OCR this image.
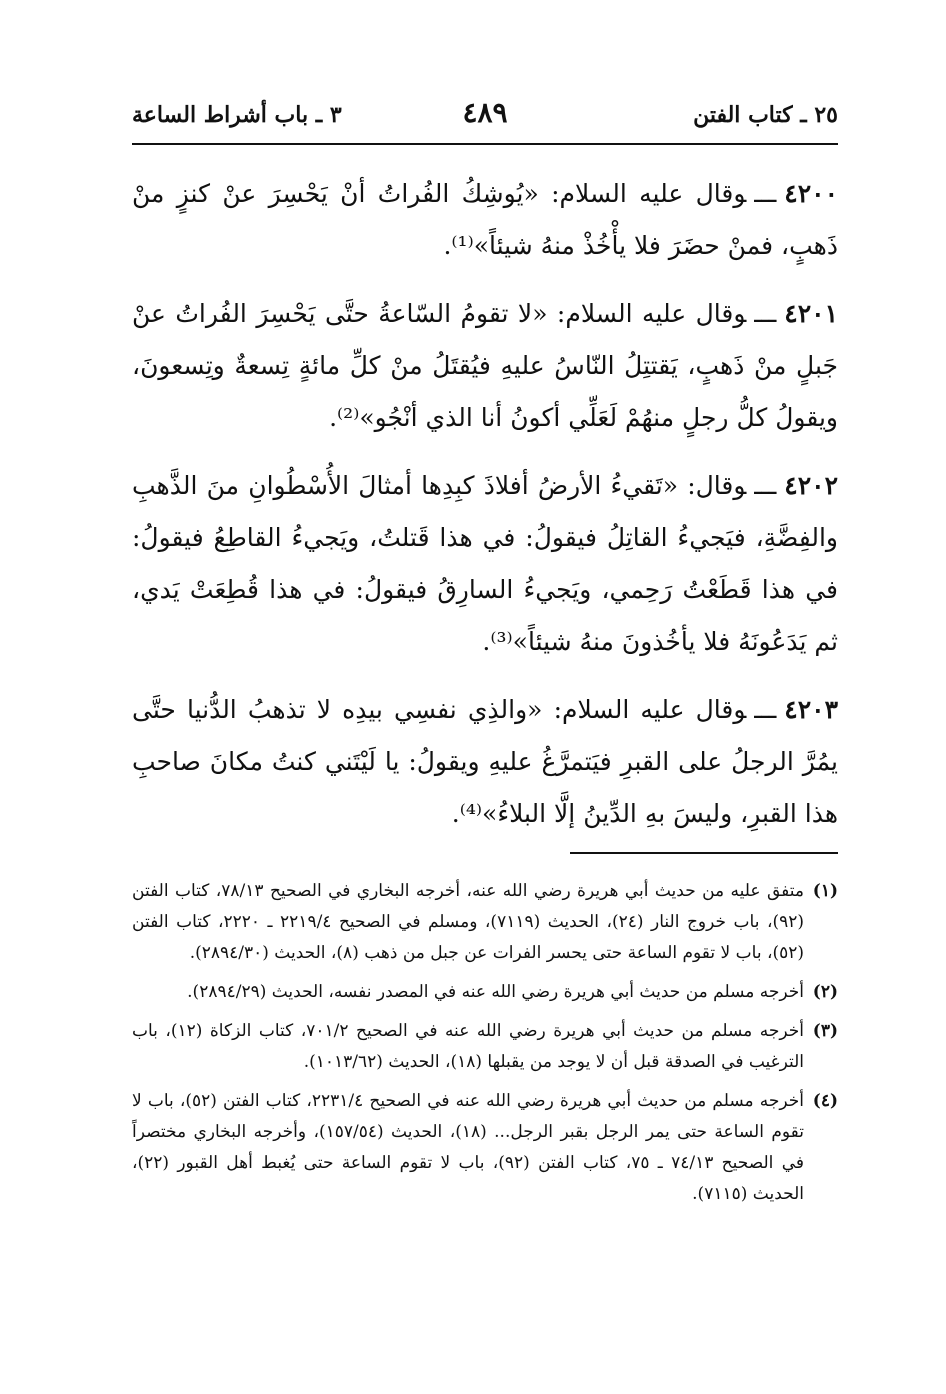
٢٥ ـ كتاب الفتن
٤٨٩
٣ ـ باب أشراط الساعة

٤٢٠٠ـــوقال عليه السلام: «يُوشِكُ الفُراتُ أنْ يَحْسِرَ عنْ كنزٍ منْ ذَهبٍ، فمنْ حضَرَ فلا يأْخُذْ منهُ شيئاً»⁽¹⁾.

٤٢٠١ـــوقال عليه السلام: «لا تقومُ السّاعةُ حتَّى يَحْسِرَ الفُراتُ عنْ جَبلٍ منْ ذَهبٍ، يَقتتِلُ النّاسُ عليهِ فيُقتَلُ منْ كلِّ مائةٍ تِسعةٌ وتِسعونَ، ويقولُ كلُّ رجلٍ منهُمْ لَعَلِّي أكونُ أنا الذي أنْجُو»⁽²⁾.

٤٢٠٢ـــوقال: «تَقيءُ الأرضُ أفلاذَ كبِدِها أمثالَ الأُسْطُوانِ منَ الذَّهبِ والفِضَّةِ، فيَجيءُ القاتِلُ فيقولُ: في هذا قَتلتُ، ويَجيءُ القاطِعُ فيقولُ: في هذا قَطَعْتُ رَحِمي، ويَجيءُ السارِقُ فيقولُ: في هذا قُطِعَتْ يَدي، ثم يَدَعُونَهُ فلا يأخُذونَ منهُ شيئاً»⁽³⁾.

٤٢٠٣ـــوقال عليه السلام: «والذِي نفسِي بيدِه لا تذهبُ الدُّنيا حتَّى يمُرَّ الرجلُ على القبرِ فيَتمرَّغُ عليهِ ويقولُ: يا لَيْتَني كنتُ مكانَ صاحبِ هذا القبرِ، وليسَ بهِ الدِّينُ إلَّا البلاءُ»⁽⁴⁾.

(١)
متفق عليه من حديث أبي هريرة رضي الله عنه، أخرجه البخاري في الصحيح ٧٨/١٣، كتاب الفتن (٩٢)، باب خروج النار (٢٤)، الحديث (٧١١٩)، ومسلم في الصحيح ٢٢١٩/٤ ـ ٢٢٢٠، كتاب الفتن (٥٢)، باب لا تقوم الساعة حتى يحسر الفرات عن جبل من ذهب (٨)، الحديث (٢٨٩٤/٣٠).
(٢)
أخرجه مسلم من حديث أبي هريرة رضي الله عنه في المصدر نفسه، الحديث (٢٨٩٤/٢٩).
(٣)
أخرجه مسلم من حديث أبي هريرة رضي الله عنه في الصحيح ٧٠١/٢، كتاب الزكاة (١٢)، باب الترغيب في الصدقة قبل أن لا يوجد من يقبلها (١٨)، الحديث (١٠١٣/٦٢).
(٤)
أخرجه مسلم من حديث أبي هريرة رضي الله عنه في الصحيح ٢٢٣١/٤، كتاب الفتن (٥٢)، باب لا تقوم الساعة حتى يمر الرجل بقبر الرجل... (١٨)، الحديث (١٥٧/٥٤)، وأخرجه البخاري مختصراً في الصحيح ٧٤/١٣ ـ ٧٥، كتاب الفتن (٩٢)، باب لا تقوم الساعة حتى يُغبط أهل القبور (٢٢)، الحديث (٧١١٥).
